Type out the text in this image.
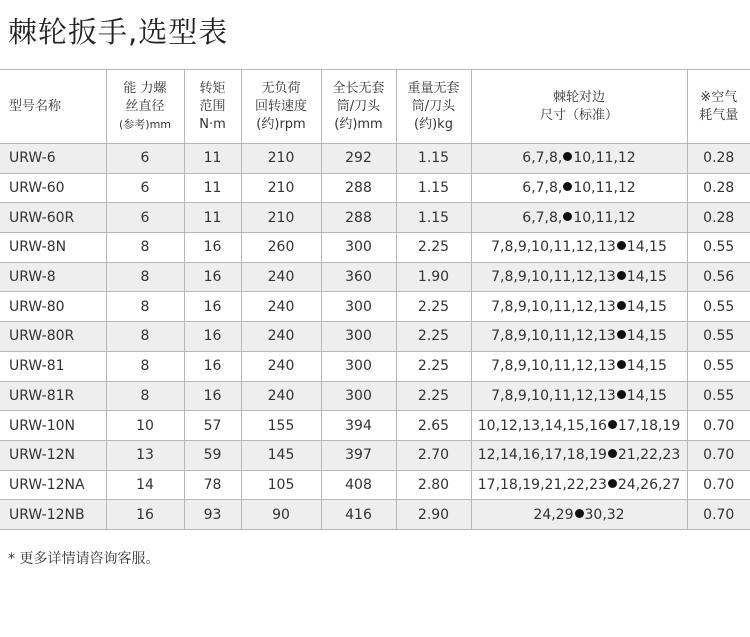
棘轮扳手,选型表
型号名称	能 力螺
丝直径
(参考)mm	转矩
范围
N·m	无负荷
回转速度
(约)rpm	全长无套
筒/刀头
(约)mm	重量无套
筒/刀头
(约)kg	棘轮对边
尺寸（标准）	※空气
耗气量

URW-6	6	11	210	292	1.15	6,7,8, 10,11,12	0.28
URW-60	6	11	210	288	1.15	6,7,8, 10,11,12	0.28
URW-60R	6	11	210	288	1.15	6,7,8, 10,11,12	0.28
URW-8N	8	16	260	300	2.25	7,8,9,10,11,12,13 14,15	0.55
URW-8	8	16	240	360	1.90	7,8,9,10,11,12,13 14,15	0.56
URW-80	8	16	240	300	2.25	7,8,9,10,11,12,13 14,15	0.55
URW-80R	8	16	240	300	2.25	7,8,9,10,11,12,13 14,15	0.55
URW-81	8	16	240	300	2.25	7,8,9,10,11,12,13 14,15	0.55
URW-81R	8	16	240	300	2.25	7,8,9,10,11,12,13 14,15	0.55
URW-10N	10	57	155	394	2.65	10,12,13,14,15,16 17,18,19	0.70
URW-12N	13	59	145	397	2.70	12,14,16,17,18,19 21,22,23	0.70
URW-12NA	14	78	105	408	2.80	17,18,19,21,22,23 24,26,27	0.70
URW-12NB	16	93	90	416	2.90	24,29 30,32	0.70
* 更多详情请咨询客服。
